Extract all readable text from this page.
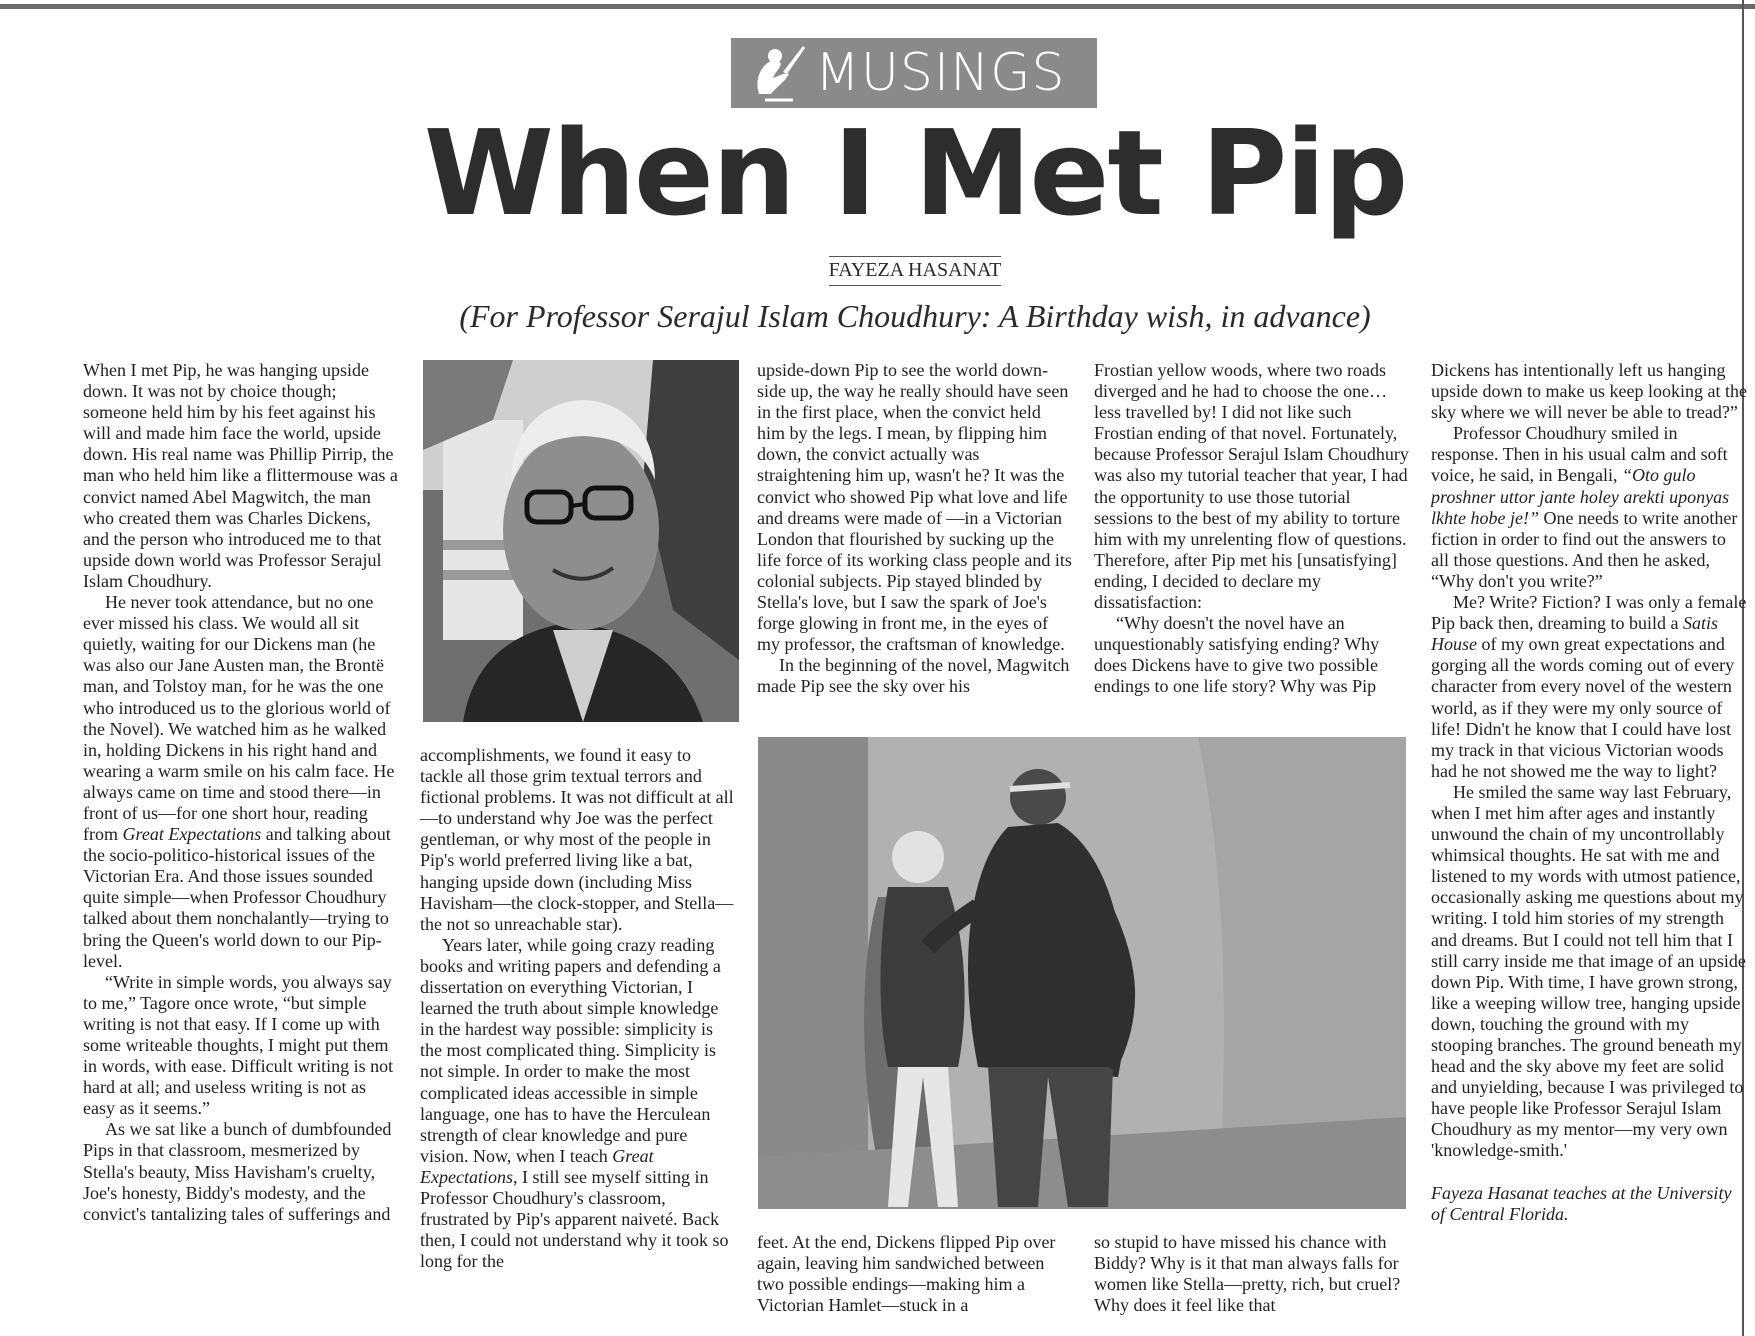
MUSINGS
When I Met Pip
FAYEZA HASANAT
(For Professor Serajul Islam Choudhury: A Birthday wish, in advance)

When I met Pip, he was hanging upside down. It was not by choice though; someone held him by his feet against his will and made him face the world, upside down. His real name was Phillip Pirrip, the man who held him like a flittermouse was a convict named Abel Magwitch, the man who created them was Charles Dickens, and the person who introduced me to that upside down world was Professor Serajul Islam Choudhury.

He never took attendance, but no one ever missed his class. We would all sit quietly, waiting for our Dickens man (he was also our Jane Austen man, the Brontë man, and Tolstoy man, for he was the one who introduced us to the glorious world of the Novel). We watched him as he walked in, holding Dickens in his right hand and wearing a warm smile on his calm face. He always came on time and stood there—in front of us—for one short hour, reading from Great Expectations and talking about the socio-politico-historical issues of the Victorian Era. And those issues sounded quite simple—when Professor Choudhury talked about them nonchalantly—trying to bring the Queen's world down to our Pip-level.

“Write in simple words, you always say to me,” Tagore once wrote, “but simple writing is not that easy. If I come up with some writeable thoughts, I might put them in words, with ease. Difficult writing is not hard at all; and useless writing is not as easy as it seems.”

As we sat like a bunch of dumbfounded Pips in that classroom, mesmerized by Stella's beauty, Miss Havisham's cruelty, Joe's honesty, Biddy's modesty, and the convict's tantalizing tales of sufferings and

accomplishments, we found it easy to tackle all those grim textual terrors and fictional problems. It was not difficult at all—to understand why Joe was the perfect gentleman, or why most of the people in Pip's world preferred living like a bat, hanging upside down (including Miss Havisham—the clock-stopper, and Stella—the not so unreachable star).

Years later, while going crazy reading books and writing papers and defending a dissertation on everything Victorian, I learned the truth about simple knowledge in the hardest way possible: simplicity is the most complicated thing. Simplicity is not simple. In order to make the most complicated ideas accessible in simple language, one has to have the Herculean strength of clear knowledge and pure vision. Now, when I teach Great Expectations, I still see myself sitting in Professor Choudhury's classroom, frustrated by Pip's apparent naiveté. Back then, I could not understand why it took so long for the

upside-down Pip to see the world down-side up, the way he really should have seen in the first place, when the convict held him by the legs. I mean, by flipping him down, the convict actually was straightening him up, wasn't he? It was the convict who showed Pip what love and life and dreams were made of —in a Victorian London that flourished by sucking up the life force of its working class people and its colonial subjects. Pip stayed blinded by Stella's love, but I saw the spark of Joe's forge glowing in front me, in the eyes of my professor, the craftsman of knowledge.

In the beginning of the novel, Magwitch made Pip see the sky over his

Frostian yellow woods, where two roads diverged and he had to choose the one… less travelled by! I did not like such Frostian ending of that novel. Fortunately, because Professor Serajul Islam Choudhury was also my tutorial teacher that year, I had the opportunity to use those tutorial sessions to the best of my ability to torture him with my unrelenting flow of questions. Therefore, after Pip met his [unsatisfying] ending, I decided to declare my dissatisfaction:

“Why doesn't the novel have an unquestionably satisfying ending? Why does Dickens have to give two possible endings to one life story? Why was Pip

feet. At the end, Dickens flipped Pip over again, leaving him sandwiched between two possible endings—making him a Victorian Hamlet—stuck in a

so stupid to have missed his chance with Biddy? Why is it that man always falls for women like Stella—pretty, rich, but cruel? Why does it feel like that

Dickens has intentionally left us hanging upside down to make us keep looking at the sky where we will never be able to tread?”

Professor Choudhury smiled in response. Then in his usual calm and soft voice, he said, in Bengali, “Oto gulo proshner uttor jante holey arekti uponyas lkhte hobe je!” One needs to write another fiction in order to find out the answers to all those questions. And then he asked, “Why don't you write?”

Me? Write? Fiction? I was only a female Pip back then, dreaming to build a Satis House of my own great expectations and gorging all the words coming out of every character from every novel of the western world, as if they were my only source of life! Didn't he know that I could have lost my track in that vicious Victorian woods had he not showed me the way to light?

He smiled the same way last February, when I met him after ages and instantly unwound the chain of my uncontrollably whimsical thoughts. He sat with me and listened to my words with utmost patience, occasionally asking me questions about my writing. I told him stories of my strength and dreams. But I could not tell him that I still carry inside me that image of an upside down Pip. With time, I have grown strong, like a weeping willow tree, hanging upside down, touching the ground with my stooping branches. The ground beneath my head and the sky above my feet are solid and unyielding, because I was privileged to have people like Professor Serajul Islam Choudhury as my mentor—my very own 'knowledge-smith.'

Fayeza Hasanat teaches at the University of Central Florida.
